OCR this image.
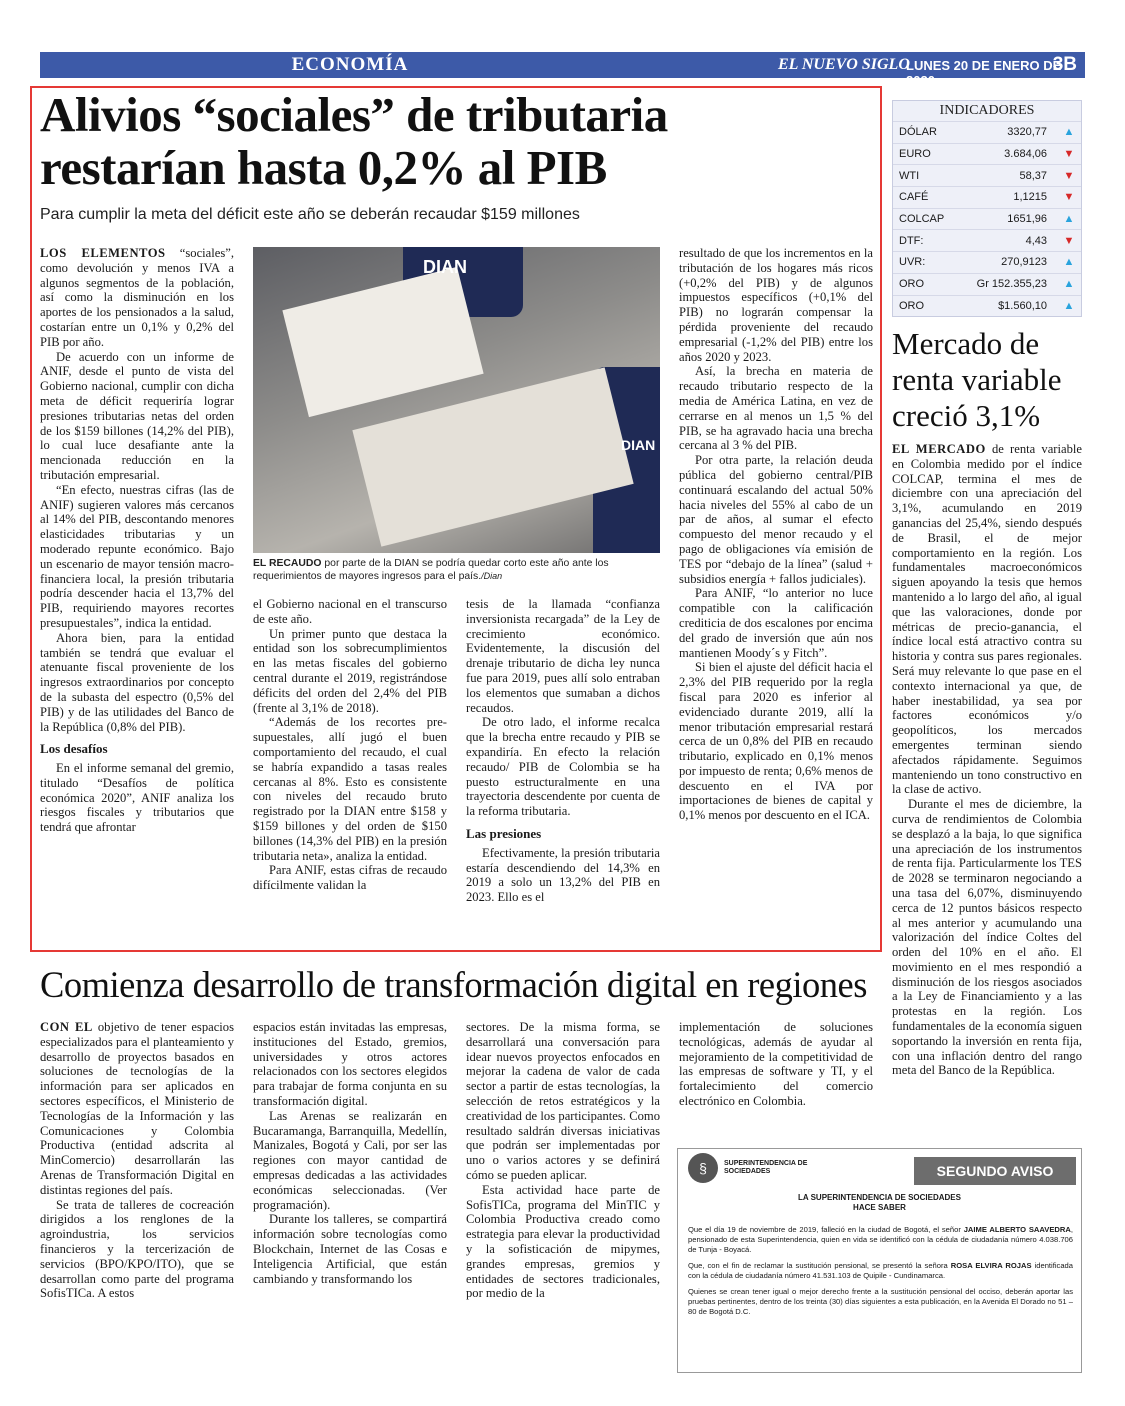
ECONOMÍA	EL NUEVO SIGLO
LUNES 20 DE ENERO DE 2020
3B
Alivios “sociales” de tributaria
restarían hasta 0,2% al PIB
Para cumplir la meta del déficit este año se deberán recaudar $159 millones

LOS ELEMENTOS “sociales”, como devolución y menos IVA a algunos segmentos de la población, así como la disminución en los aportes de los pensionados a la salud, costarían entre un 0,1% y 0,2% del PIB por año.

De acuerdo con un informe de ANIF, desde el punto de vista del Gobierno nacional, cumplir con dicha meta de déficit requeriría lograr presiones tributarias netas del orden de los $159 billones (14,2% del PIB), lo cual luce desafiante ante la mencionada reducción en la tributación empresarial.

“En efecto, nuestras cifras (las de ANIF) sugieren valores más cercanos al 14% del PIB, descontando menores elasticidades tributarias y un moderado repunte económico. Bajo un escenario de mayor tensión macro-financiera local, la presión tributaria podría descender hacia el 13,7% del PIB, requiriendo mayores recortes presupuestales”, indica la entidad.

Ahora bien, para la entidad también se tendrá que evaluar el atenuante fiscal proveniente de los ingresos extraordinarios por concepto de la subasta del espectro (0,5% del PIB) y de las utilidades del Banco de la República (0,8% del PIB).

Los desafíos

En el informe semanal del gremio, titulado “Desafíos de política económica 2020”, ANIF analiza los riesgos fiscales y tributarios que tendrá que afrontar

DIAN
DIAN
EL RECAUDO por parte de la DIAN se podría quedar corto este año ante los requerimientos de mayores ingresos para el país./Dian

el Gobierno nacional en el transcurso de este año.

Un primer punto que destaca la entidad son los sobrecumplimientos en las metas fiscales del gobierno central durante el 2019, registrándose déficits del orden del 2,4% del PIB (frente al 3,1% de 2018).

“Además de los recortes presupuestales, allí jugó el buen comportamiento del recaudo, el cual se habría expandido a tasas reales cercanas al 8%. Esto es consistente con niveles del recaudo bruto registrado por la DIAN entre $158 y $159 billones y del orden de $150 billones (14,3% del PIB) en la presión tributaria neta», analiza la entidad.

Para ANIF, estas cifras de recaudo difícilmente validan la

tesis de la llamada “confianza inversionista recargada” de la Ley de crecimiento económico. Evidentemente, la discusión del drenaje tributario de dicha ley nunca fue para 2019, pues allí solo entraban los elementos que sumaban a dichos recaudos.

De otro lado, el informe recalca que la brecha entre recaudo y PIB se expandiría. En efecto la relación recaudo/ PIB de Colombia se ha puesto estructuralmente en una trayectoria descendente por cuenta de la reforma tributaria.

Las presiones

Efectivamente, la presión tributaria estaría descendiendo del 14,3% en 2019 a solo un 13,2% del PIB en 2023. Ello es el

resultado de que los incrementos en la tributación de los hogares más ricos (+0,2% del PIB) y de algunos impuestos específicos (+0,1% del PIB) no lograrán compensar la pérdida proveniente del recaudo empresarial (-1,2% del PIB) entre los años 2020 y 2023.

Así, la brecha en materia de recaudo tributario respecto de la media de América Latina, en vez de cerrarse en al menos un 1,5 % del PIB, se ha agravado hacia una brecha cercana al 3 % del PIB.

Por otra parte, la relación deuda pública del gobierno central/PIB continuará escalando del actual 50% hacia niveles del 55% al cabo de un par de años, al sumar el efecto compuesto del menor recaudo y el pago de obligaciones vía emisión de TES por “debajo de la línea” (salud + subsidios energía + fallos judiciales).

Para ANIF, “lo anterior no luce compatible con la calificación crediticia de dos escalones por encima del grado de inversión que aún nos mantienen Moody´s y Fitch”.

Si bien el ajuste del déficit hacia el 2,3% del PIB requerido por la regla fiscal para 2020 es inferior al evidenciado durante 2019, allí la menor tributación empresarial restará cerca de un 0,8% del PIB en recaudo tributario, explicado en 0,1% menos por impuesto de renta; 0,6% menos de descuento en el IVA por importaciones de bienes de capital y 0,1% menos por descuento en el ICA.

INDICADORES
DÓLAR	3320,77	▲
EURO	3.684,06	▼
WTI	58,37	▼
CAFÉ	1,1215	▼
COLCAP	1651,96	▲
DTF:	4,43	▼
UVR:	270,9123	▲
ORO	Gr 152.355,23	▲
ORO	$1.560,10	▲
Mercado de
renta variable
creció 3,1%

EL MERCADO de renta variable en Colombia medido por el índice COLCAP, termina el mes de diciembre con una apreciación del 3,1%, acumulando en 2019 ganancias del 25,4%, siendo después de Brasil, el de mejor comportamiento en la región. Los fundamentales macroeconómicos siguen apoyando la tesis que hemos mantenido a lo largo del año, al igual que las valoraciones, donde por métricas de precio-ganancia, el índice local está atractivo contra su historia y contra sus pares regionales. Será muy relevante lo que pase en el contexto internacional ya que, de haber inestabilidad, ya sea por factores económicos y/o geopolíticos, los mercados emergentes terminan siendo afectados rápidamente. Seguimos manteniendo un tono constructivo en la clase de activo.

Durante el mes de diciembre, la curva de rendimientos de Colombia se desplazó a la baja, lo que significa una apreciación de los instrumentos de renta fija. Particularmente los TES de 2028 se terminaron negociando a una tasa del 6,07%, disminuyendo cerca de 12 puntos básicos respecto al mes anterior y acumulando una valorización del índice Coltes del orden del 10% en el año. El movimiento en el mes respondió a disminución de los riesgos asociados a la Ley de Financiamiento y a las protestas en la región. Los fundamentales de la economía siguen soportando la inversión en renta fija, con una inflación dentro del rango meta del Banco de la República.

Comienza desarrollo de transformación digital en regiones

CON EL objetivo de tener espacios especializados para el planteamiento y desarrollo de proyectos basados en soluciones de tecnologías de la información para ser aplicados en sectores específicos, el Ministerio de Tecnologías de la Información y las Comunicaciones y Colombia Productiva (entidad adscrita al MinComercio) desarrollarán las Arenas de Transformación Digital en distintas regiones del país.

Se trata de talleres de cocreación dirigidos a los renglones de la agroindustria, los servicios financieros y la tercerización de servicios (BPO/KPO/ITO), que se desarrollan como parte del programa SofisTICa. A estos

espacios están invitadas las empresas, instituciones del Estado, gremios, universidades y otros actores relacionados con los sectores elegidos para trabajar de forma conjunta en su transformación digital.

Las Arenas se realizarán en Bucaramanga, Barranquilla, Medellín, Manizales, Bogotá y Cali, por ser las regiones con mayor cantidad de empresas dedicadas a las actividades económicas seleccionadas. (Ver programación).

Durante los talleres, se compartirá información sobre tecnologías como Blockchain, Internet de las Cosas e Inteligencia Artificial, que están cambiando y transformando los

sectores. De la misma forma, se desarrollará una conversación para idear nuevos proyectos enfocados en mejorar la cadena de valor de cada sector a partir de estas tecnologías, la selección de retos estratégicos y la creatividad de los participantes. Como resultado saldrán diversas iniciativas que podrán ser implementadas por uno o varios actores y se definirá cómo se pueden aplicar.

Esta actividad hace parte de SofisTICa, programa del MinTIC y Colombia Productiva creado como estrategia para elevar la productividad y la sofisticación de mipymes, grandes empresas, gremios y entidades de sectores tradicionales, por medio de la

implementación de soluciones tecnológicas, además de ayudar al mejoramiento de la competitividad de las empresas de software y TI, y el fortalecimiento del comercio electrónico en Colombia.

§	SUPERINTENDENCIA DE SOCIEDADES	SEGUNDO AVISO
LA SUPERINTENDENCIA DE SOCIEDADES
HACE SABER

Que el día 19 de noviembre de 2019, falleció en la ciudad de Bogotá, el señor JAIME ALBERTO SAAVEDRA, pensionado de esta Superintendencia, quien en vida se identificó con la cédula de ciudadanía número 4.038.706 de Tunja - Boyacá.

Que, con el fin de reclamar la sustitución pensional, se presentó la señora ROSA ELVIRA ROJAS identificada con la cédula de ciudadanía número 41.531.103 de Quipile - Cundinamarca.

Quienes se crean tener igual o mejor derecho frente a la sustitución pensional del occiso, deberán aportar las pruebas pertinentes, dentro de los treinta (30) días siguientes a esta publicación, en la Avenida El Dorado no 51 – 80 de Bogotá D.C.
